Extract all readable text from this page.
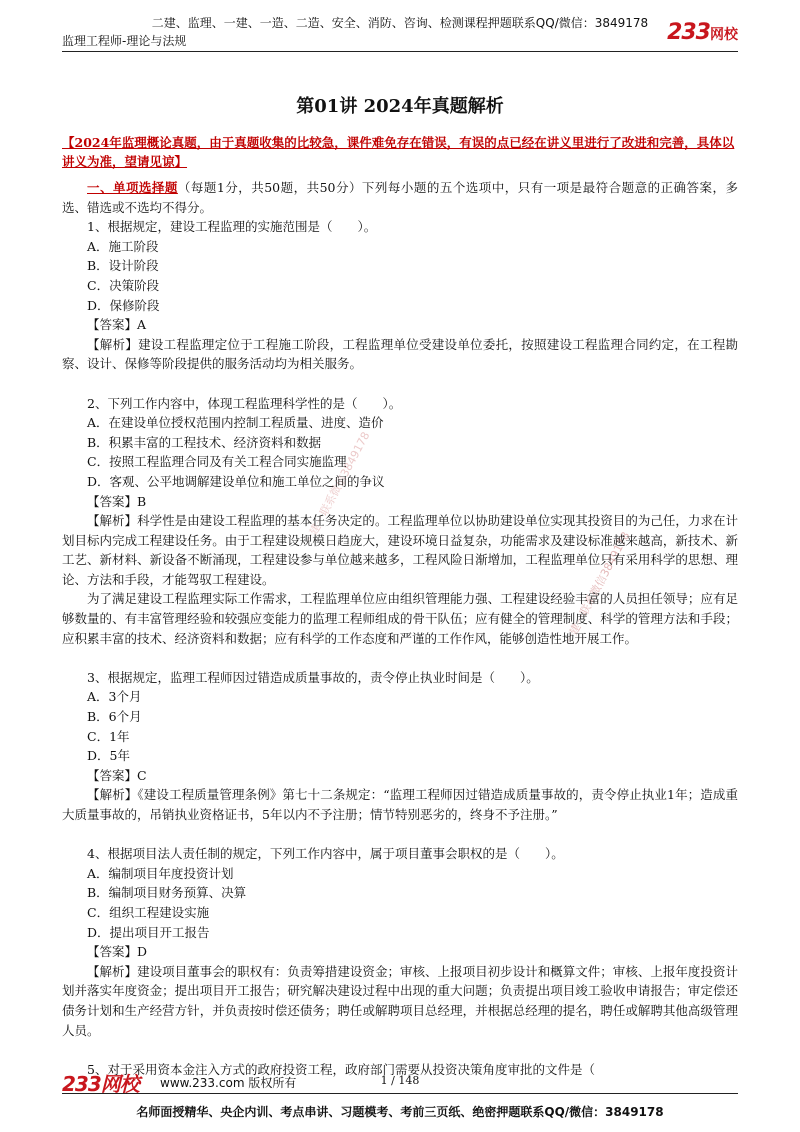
二建、监理、一建、一造、二造、安全、消防、咨询、检测课程押题联系QQ/微信：3849178
监理工程师-理论与法规	233网校
第01讲 2024年真题解析
【2024年监理概论真题，由于真题收集的比较急，课件难免存在错误，有误的点已经在讲义里进行了改进和完善，具体以讲义为准，望请见谅】
一建一联系微信3849178
一建一联系微信3849178

一、单项选择题（每题1分，共50题，共50分）下列每小题的五个选项中，只有一项是最符合题意的正确答案，多选、错选或不选均不得分。

1、根据规定，建设工程监理的实施范围是（　　）。

A．施工阶段

B．设计阶段

C．决策阶段

D．保修阶段

【答案】A

【解析】建设工程监理定位于工程施工阶段，工程监理单位受建设单位委托，按照建设工程监理合同约定，在工程勘察、设计、保修等阶段提供的服务活动均为相关服务。

2、下列工作内容中，体现工程监理科学性的是（　　）。

A．在建设单位授权范围内控制工程质量、进度、造价

B．积累丰富的工程技术、经济资料和数据

C．按照工程监理合同及有关工程合同实施监理

D．客观、公平地调解建设单位和施工单位之间的争议

【答案】B

【解析】科学性是由建设工程监理的基本任务决定的。工程监理单位以协助建设单位实现其投资目的为己任，力求在计划目标内完成工程建设任务。由于工程建设规模日趋庞大，建设环境日益复杂，功能需求及建设标准越来越高，新技术、新工艺、新材料、新设备不断涌现，工程建设参与单位越来越多，工程风险日渐增加，工程监理单位只有采用科学的思想、理论、方法和手段，才能驾驭工程建设。

为了满足建设工程监理实际工作需求，工程监理单位应由组织管理能力强、工程建设经验丰富的人员担任领导；应有足够数量的、有丰富管理经验和较强应变能力的监理工程师组成的骨干队伍；应有健全的管理制度、科学的管理方法和手段；应积累丰富的技术、经济资料和数据；应有科学的工作态度和严谨的工作作风，能够创造性地开展工作。

3、根据规定，监理工程师因过错造成质量事故的，责令停止执业时间是（　　）。

A．3个月

B．6个月

C．1年

D．5年

【答案】C

【解析】《建设工程质量管理条例》第七十二条规定：“监理工程师因过错造成质量事故的，责令停止执业1年；造成重大质量事故的，吊销执业资格证书，5年以内不予注册；情节特别恶劣的，终身不予注册。”

4、根据项目法人责任制的规定，下列工作内容中，属于项目董事会职权的是（　　）。

A．编制项目年度投资计划

B．编制项目财务预算、决算

C．组织工程建设实施

D．提出项目开工报告

【答案】D

【解析】建设项目董事会的职权有：负责筹措建设资金；审核、上报项目初步设计和概算文件；审核、上报年度投资计划并落实年度资金；提出项目开工报告；研究解决建设过程中出现的重大问题；负责提出项目竣工验收申请报告；审定偿还债务计划和生产经营方针，并负责按时偿还债务；聘任或解聘项目总经理，并根据总经理的提名，聘任或解聘其他高级管理人员。

5、对于采用资本金注入方式的政府投资工程，政府部门需要从投资决策角度审批的文件是（

233网校 www.233.com 版权所有	1 / 148
名师面授精华、央企内训、考点串讲、习题模考、考前三页纸、绝密押题联系QQ/微信：3849178
